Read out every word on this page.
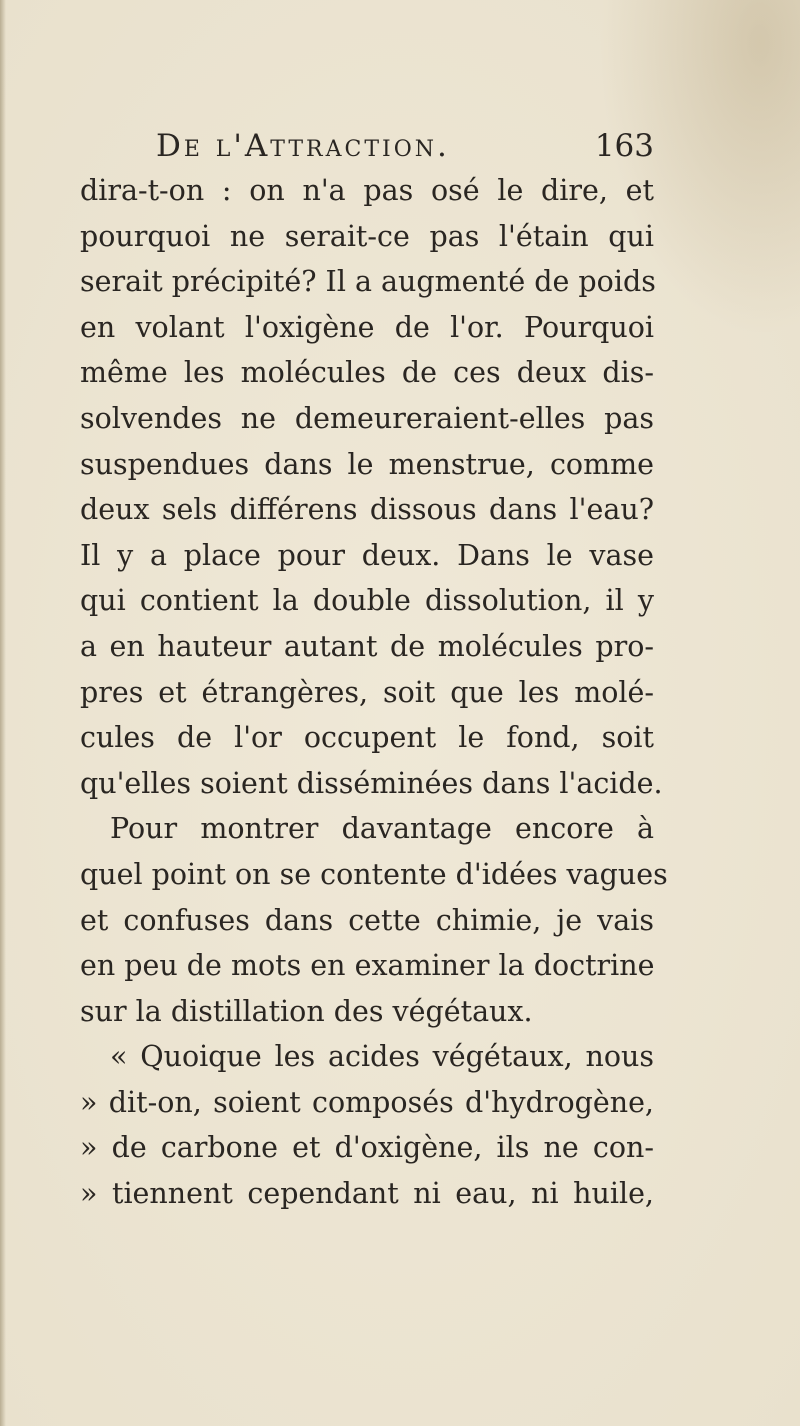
De l'Attraction.	163
dira-t-on : on n'a pas osé le dire, et
pourquoi ne serait-ce pas l'étain qui
serait précipité? Il a augmenté de poids
en volant l'oxigène de l'or. Pourquoi
même les molécules de ces deux dis-
solvendes ne demeureraient-elles pas
suspendues dans le menstrue, comme
deux sels différens dissous dans l'eau?
Il y a place pour deux. Dans le vase
qui contient la double dissolution, il y
a en hauteur autant de molécules pro-
pres et étrangères, soit que les molé-
cules de l'or occupent le fond, soit
qu'elles soient disséminées dans l'acide.
Pour montrer davantage encore à
quel point on se contente d'idées vagues
et confuses dans cette chimie, je vais
en peu de mots en examiner la doctrine
sur la distillation des végétaux.
« Quoique les acides végétaux, nous
» dit-on, soient composés d'hydrogène,
» de carbone et d'oxigène, ils ne con-
» tiennent cependant ni eau, ni huile,
